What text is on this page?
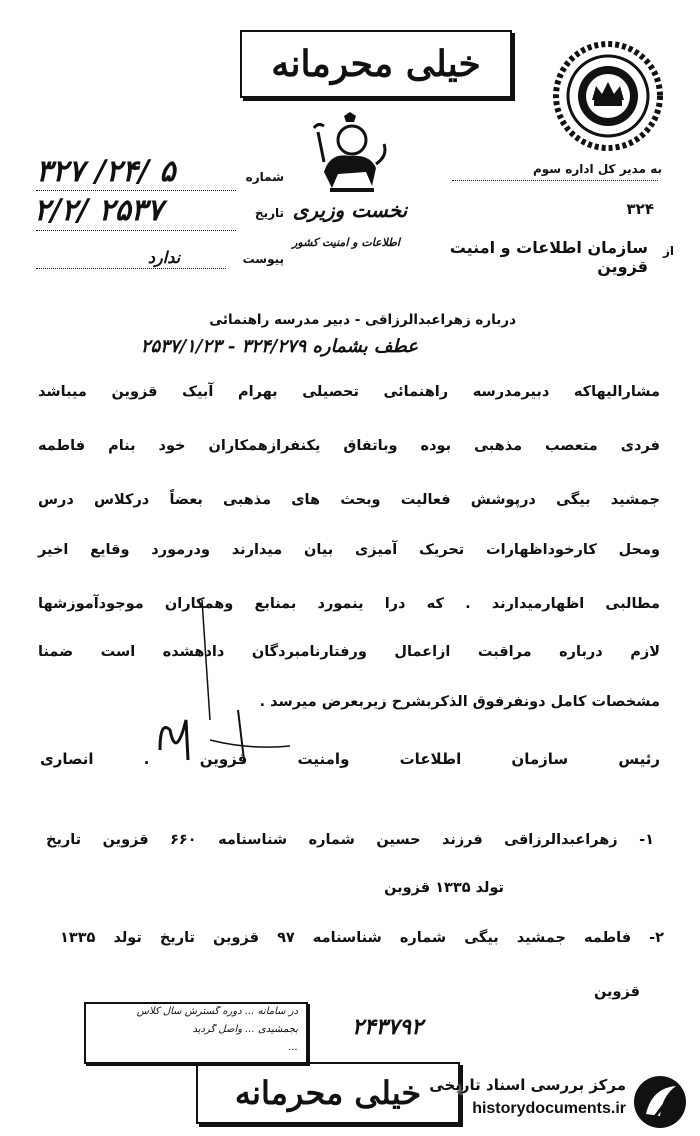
خیلی محرمانه
نخست وزیری
شماره
۳۲۷ /۲۴/ ۵
تاریخ
۲/۲/ ۲۵۳۷
پیوست
ندارد
به مدیر کل اداره سوم
۳۲۴
از
سازمان اطلاعات و امنیت قزوین
اطلاعات و امنیت کشور
درباره زهراعبدالرزاقی - دبیر مدرسه راهنمائی
عطف بشماره ۳۲۴/۲۷۹ - ۲۵۳۷/۱/۲۳
مشارالیهاکه دبیرمدرسه راهنمائی تحصیلی بهرام آبیک قزوین میباشد
فردی متعصب مذهبی بوده وباتفاق یکنفرازهمکاران خود بنام فاطمه
جمشید بیگی درپوشش فعالیت وبحث های مذهبی بعضاً درکلاس درس
ومحل کارخوداظهارات تحریک آمیزی بیان میدارند ودرمورد وقایع اخیر
مطالبی اظهارمیدارند . که درا ینمورد بمنابع وهمکاران موجودآموزشها
لازم درباره مراقبت ازاعمال ورفتارنامبردگان دادهشده است ضمنا
مشخصات کامل دونفرفوق الذکربشرح زیربعرض میرسد .
رئیس سازمان اطلاعات وامنیت قزوین . انصاری
۱- زهراعبدالرزاقی فرزند حسین شماره شناسنامه ۶۶۰ قزوین تاریخ
تولد ۱۳۳۵ قزوین
۲- فاطمه جمشید بیگی شماره شناسنامه ۹۷ قزوین تاریخ تولد ۱۳۳۵
قزوین
در سامانه ... دوره گسترش سال کلاس
بجمشیدی ... واصل گردید
...
۲۴۳۷۹۲
خیلی محرمانه مرکز بررسی اسناد تاریخی
historydocuments.ir
